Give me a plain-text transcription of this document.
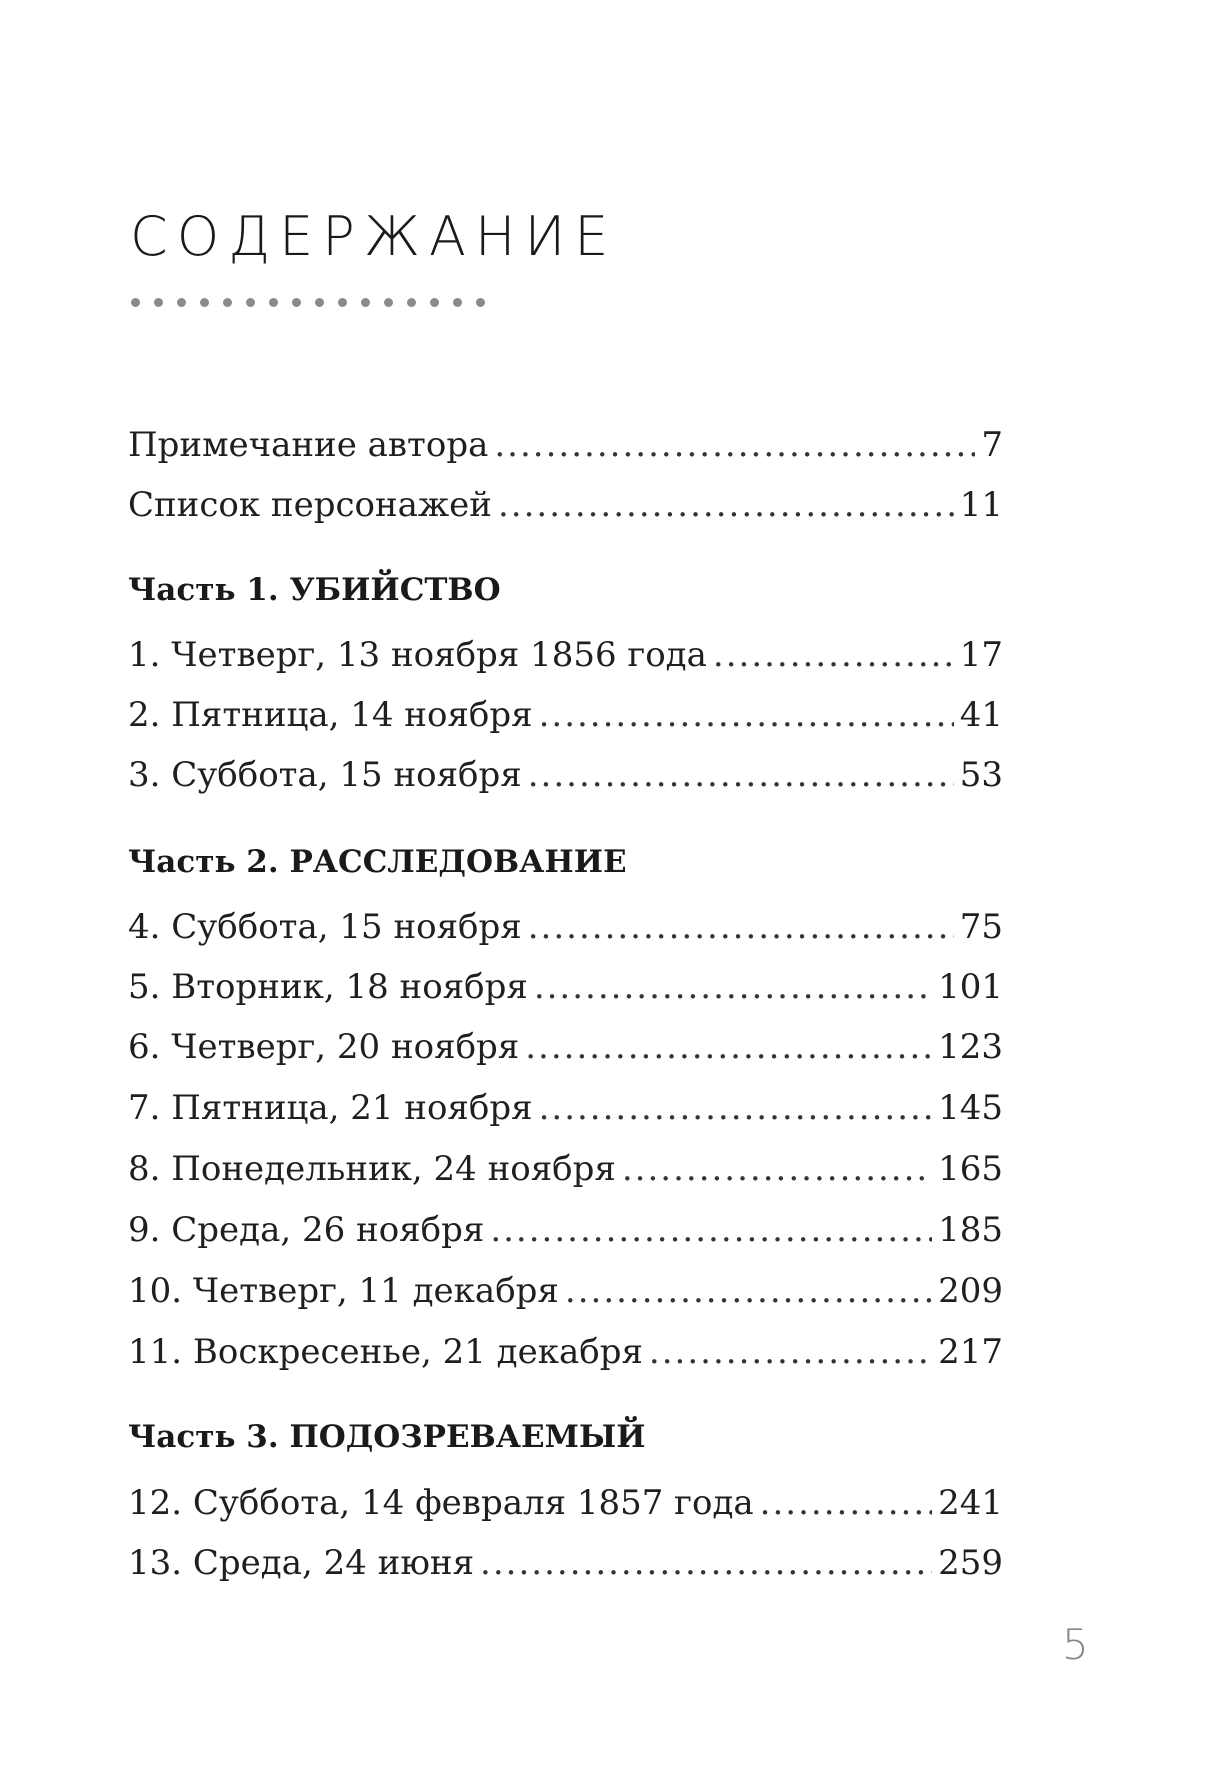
СОДЕРЖАНИЕ
Примечание автора .....	7
Список персонажей .....	11
Часть 1. УБИЙСТВО
1. Четверг, 13 ноября 1856 года .....	17
2. Пятница, 14 ноября .....	41
3. Суббота, 15 ноября .....	53
Часть 2. РАССЛЕДОВАНИЕ
4. Суббота, 15 ноября .....	75
5. Вторник, 18 ноября .....	101
6. Четверг, 20 ноября .....	123
7. Пятница, 21 ноября .....	145
8. Понедельник, 24 ноября .....	165
9. Среда, 26 ноября .....	185
10. Четверг, 11 декабря .....	209
11. Воскресенье, 21 декабря .....	217
Часть 3. ПОДОЗРЕВАЕМЫЙ
12. Суббота, 14 февраля 1857 года .....	241
13. Среда, 24 июня .....	259
5
